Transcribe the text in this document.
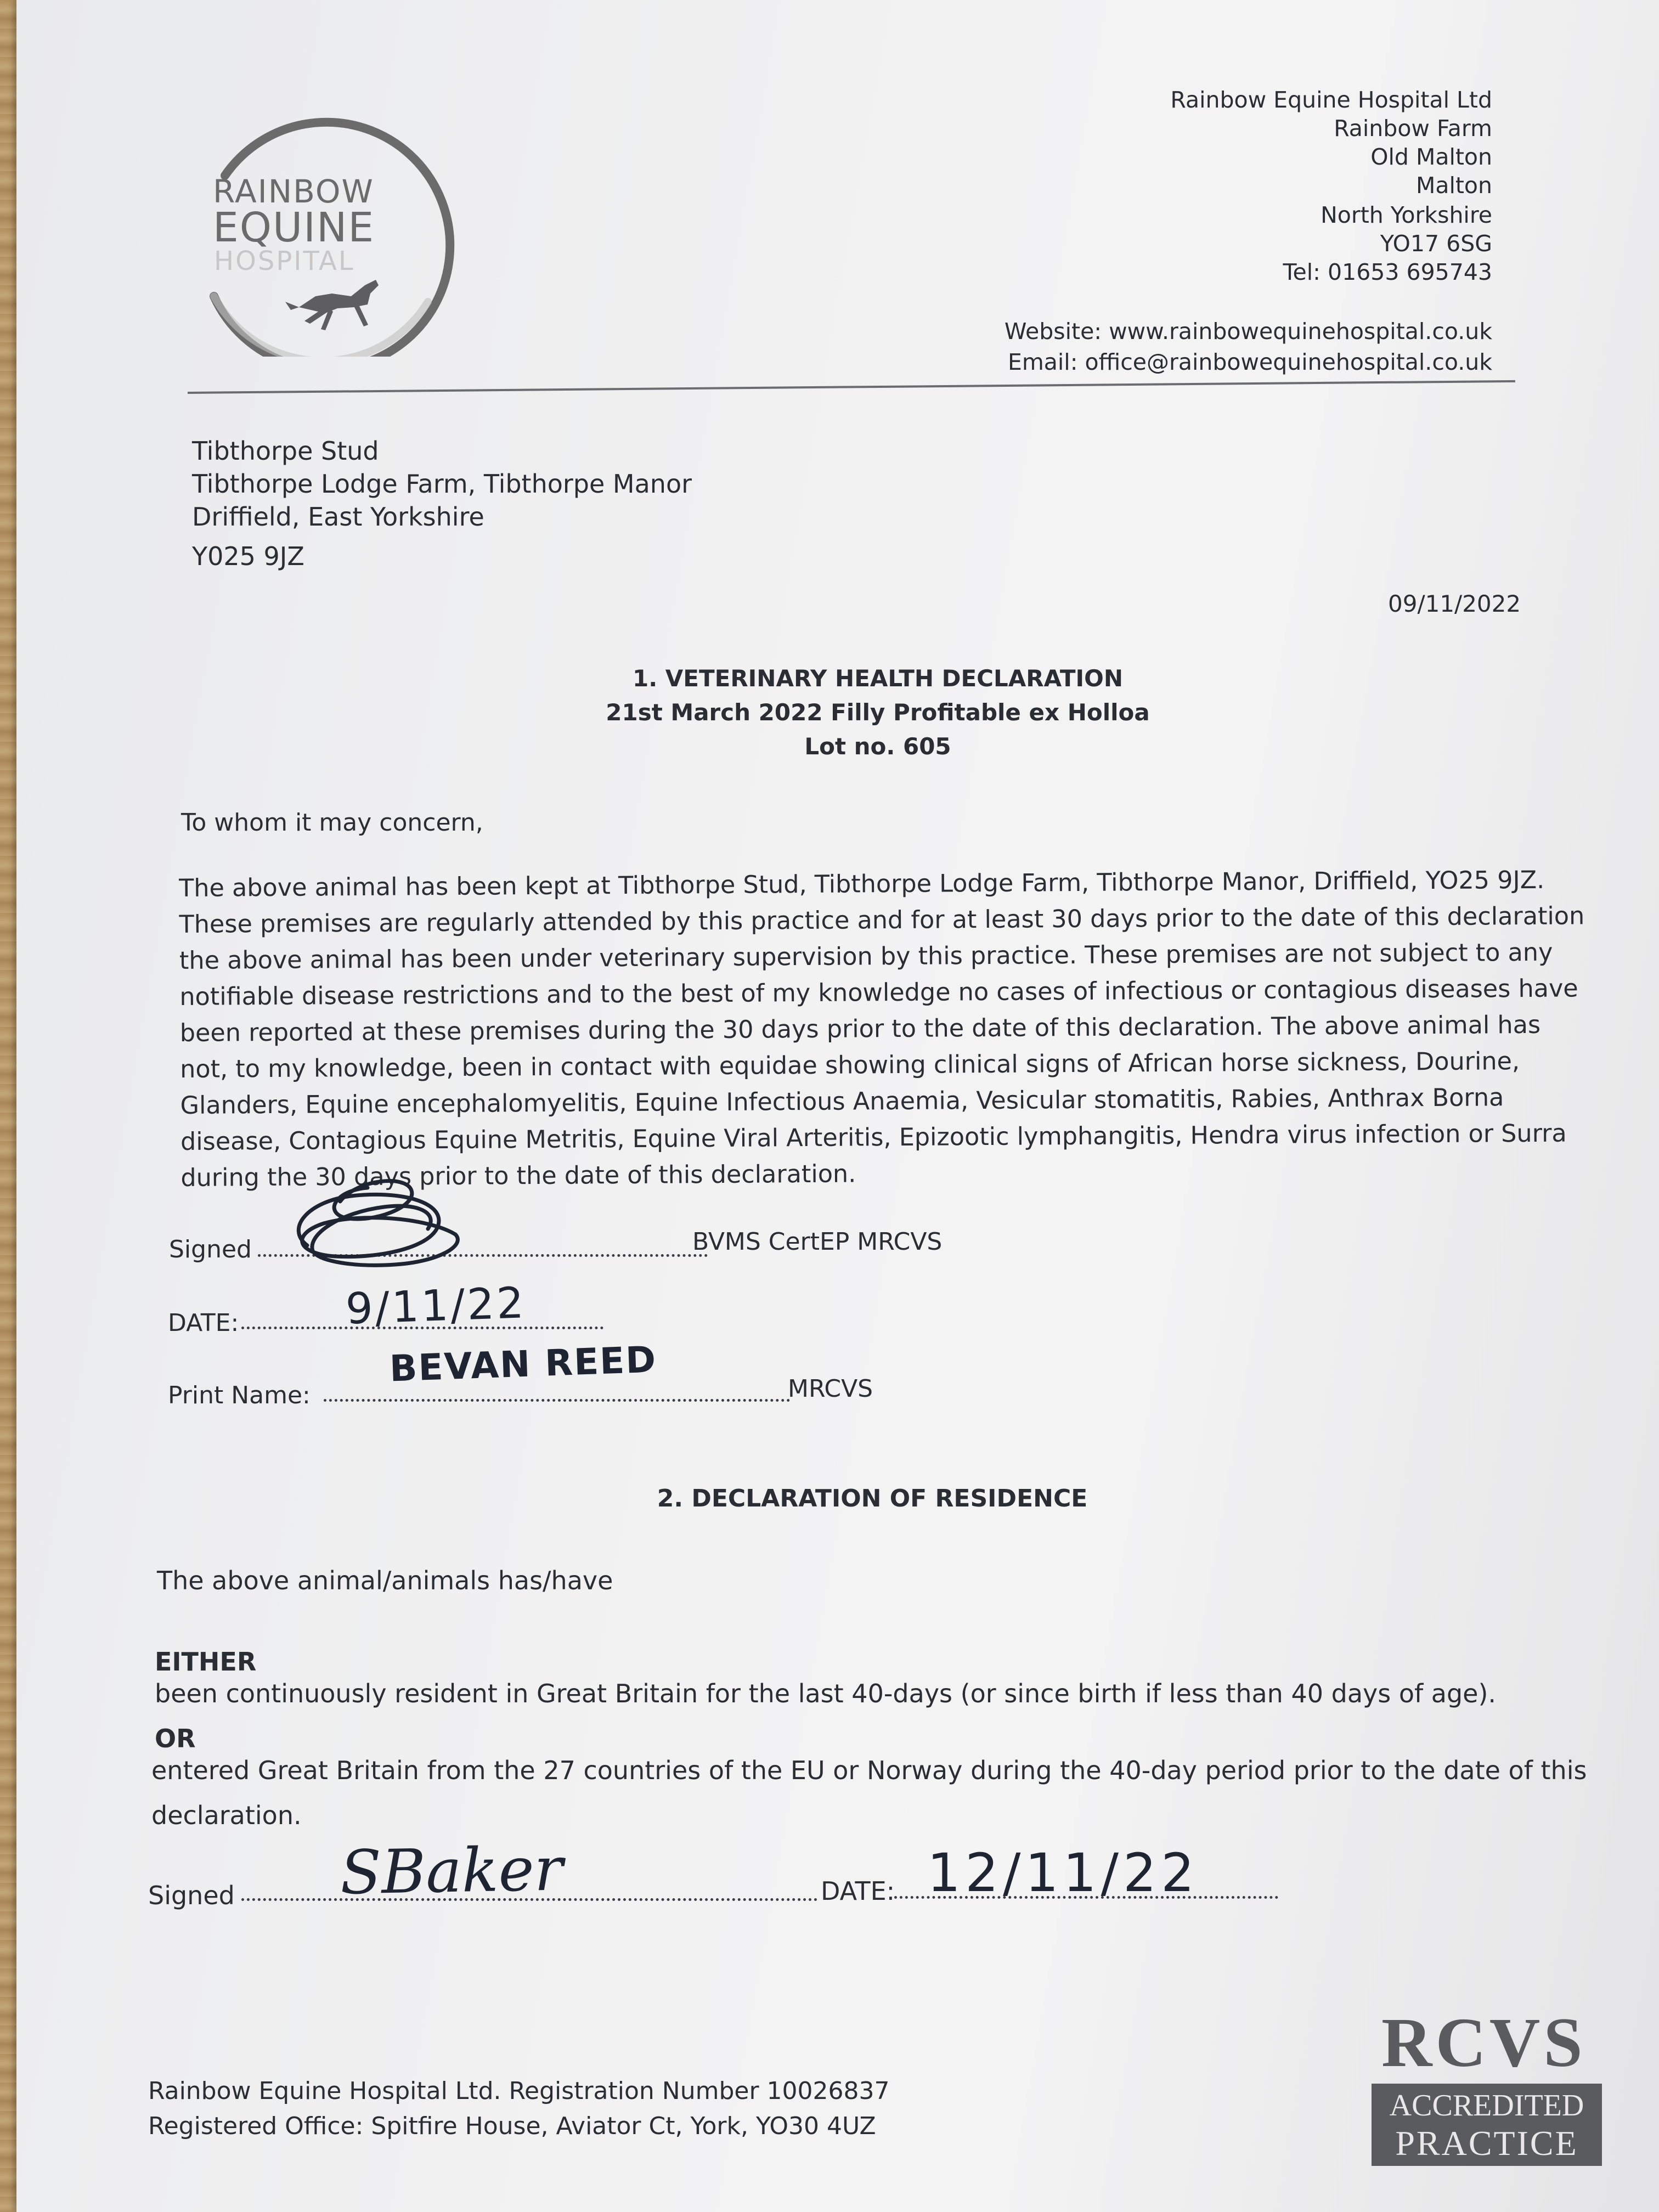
RAINBOW
EQUINE
HOSPITAL
Rainbow Equine Hospital Ltd
Rainbow Farm
Old Malton
Malton
North Yorkshire
YO17 6SG
Tel: 01653 695743
Website: www.rainbowequinehospital.co.uk
Email: office@rainbowequinehospital.co.uk
Tibthorpe Stud
Tibthorpe Lodge Farm, Tibthorpe Manor
Driffield, East Yorkshire
Y025 9JZ
09/11/2022
1. VETERINARY HEALTH DECLARATION
21st March 2022 Filly Profitable ex Holloa
Lot no. 605
To whom it may concern,
The above animal has been kept at Tibthorpe Stud, Tibthorpe Lodge Farm, Tibthorpe Manor, Driffield, YO25 9JZ.
These premises are regularly attended by this practice and for at least 30 days prior to the date of this declaration
the above animal has been under veterinary supervision by this practice. These premises are not subject to any
notifiable disease restrictions and to the best of my knowledge no cases of infectious or contagious diseases have
been reported at these premises during the 30 days prior to the date of this declaration. The above animal has
not, to my knowledge, been in contact with equidae showing clinical signs of African horse sickness, Dourine,
Glanders, Equine encephalomyelitis, Equine Infectious Anaemia, Vesicular stomatitis, Rabies, Anthrax Borna
disease, Contagious Equine Metritis, Equine Viral Arteritis, Epizootic lymphangitis, Hendra virus infection or Surra
during the 30 days prior to the date of this declaration.
Signed	BVMS CertEP MRCVS
DATE: 9/11/22
Print Name:	MRCVS
BEVAN REED
2. DECLARATION OF RESIDENCE
The above animal/animals has/have
EITHER
been continuously resident in Great Britain for the last 40-days (or since birth if less than 40 days of age).
OR
entered Great Britain from the 27 countries of the EU or Norway during the 40-day period prior to the date of this
declaration.
Signed SBaker	DATE: 12/11/22
Rainbow Equine Hospital Ltd. Registration Number 10026837
Registered Office: Spitfire House, Aviator Ct, York, YO30 4UZ
RCVS
ACCREDITED
PRACTICE
